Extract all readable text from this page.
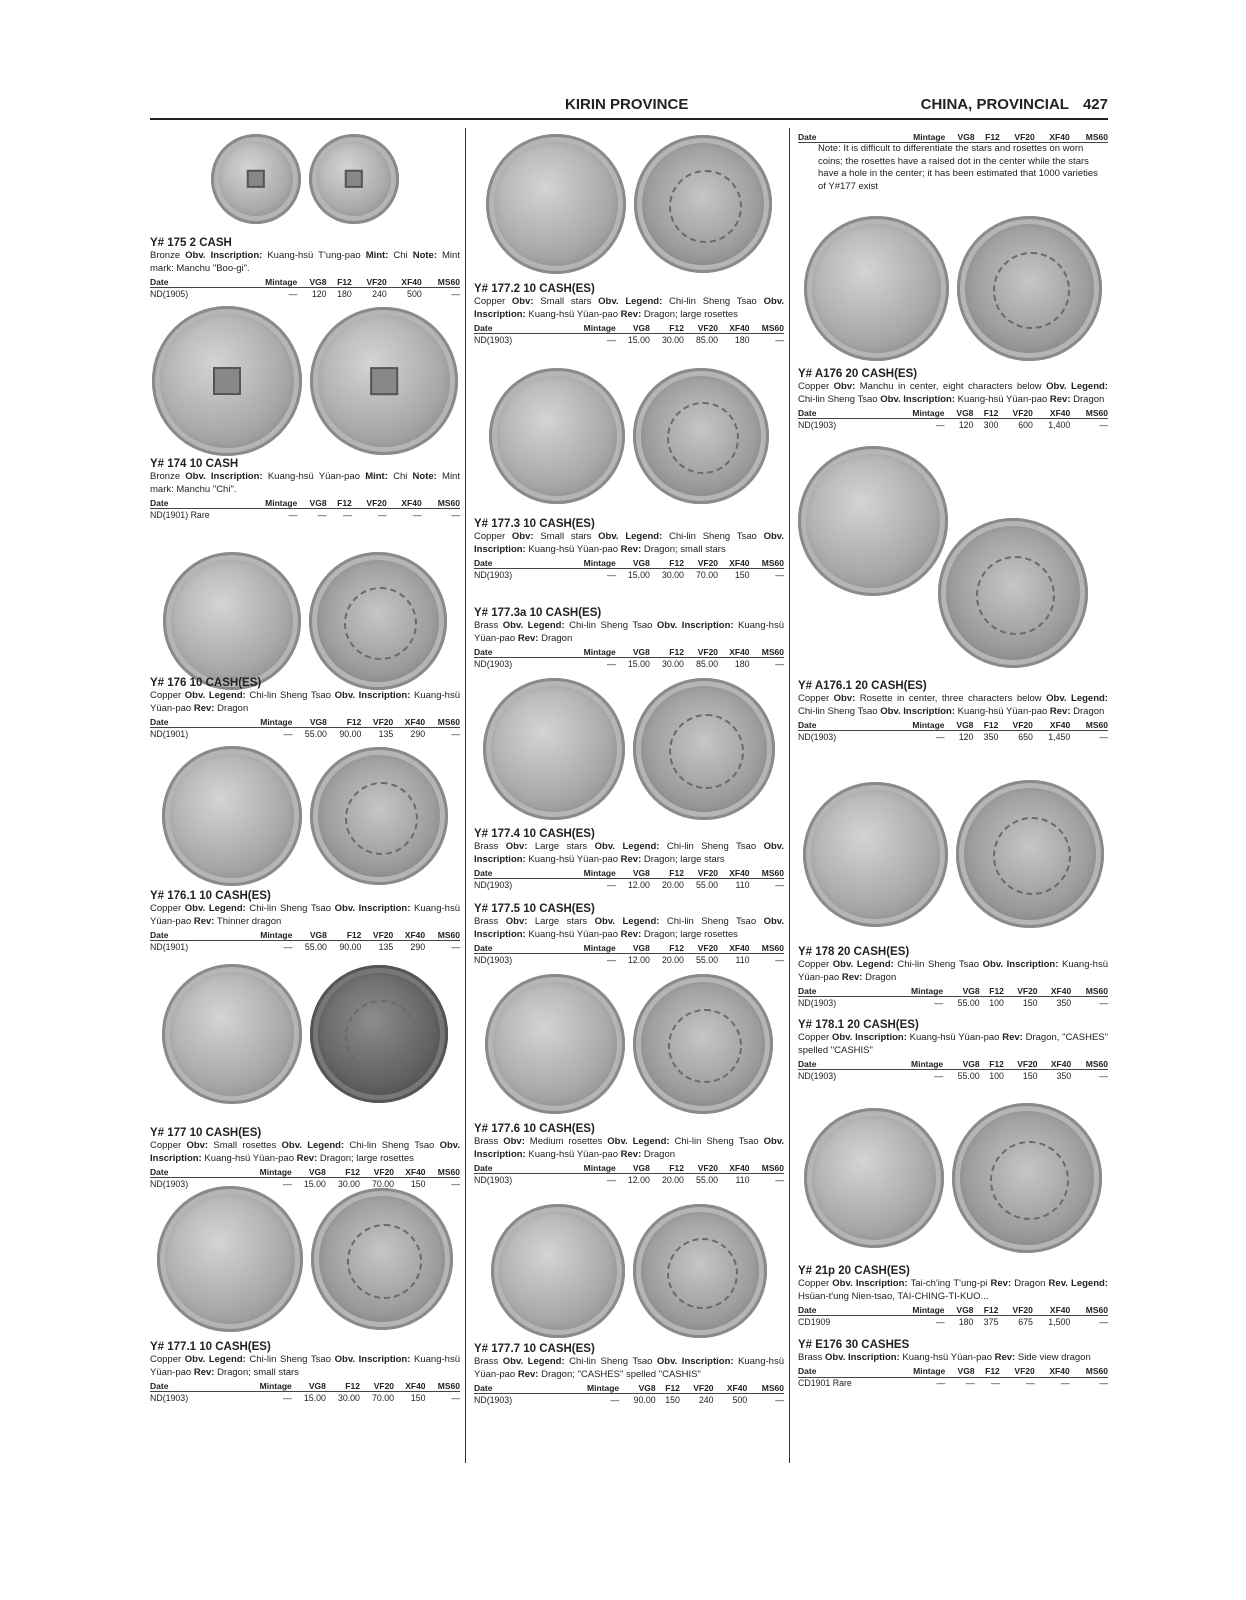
KIRIN PROVINCE	CHINA, PROVINCIAL 427
Y# 175 2 CASH
Bronze Obv. Inscription: Kuang-hsü T'ung-pao Mint: Chi Note: Mint mark: Manchu "Boo-gi".
Date	Mintage	VG8	F12	VF20	XF40	MS60
ND(1905)	—	120	180	240	500	—
Y# 174 10 CASH
Bronze Obv. Inscription: Kuang-hsü Yüan-pao Mint: Chi Note: Mint mark: Manchu "Chi".
Date	Mintage	VG8	F12	VF20	XF40	MS60
ND(1901) Rare	—	—	—	—	—	—
Y# 176 10 CASH(ES)
Copper Obv. Legend: Chi-lin Sheng Tsao Obv. Inscription: Kuang-hsü Yüan-pao Rev: Dragon
Date	Mintage	VG8	F12	VF20	XF40	MS60
ND(1901)	—	55.00	90.00	135	290	—
Y# 176.1 10 CASH(ES)
Copper Obv. Legend: Chi-lin Sheng Tsao Obv. Inscription: Kuang-hsü Yüan-pao Rev: Thinner dragon
Date	Mintage	VG8	F12	VF20	XF40	MS60
ND(1901)	—	55.00	90.00	135	290	—
Y# 177 10 CASH(ES)
Copper Obv: Small rosettes Obv. Legend: Chi-lin Sheng Tsao Obv. Inscription: Kuang-hsü Yüan-pao Rev: Dragon; large rosettes
Date	Mintage	VG8	F12	VF20	XF40	MS60
ND(1903)	—	15.00	30.00	70.00	150	—
Y# 177.1 10 CASH(ES)
Copper Obv. Legend: Chi-lin Sheng Tsao Obv. Inscription: Kuang-hsü Yüan-pao Rev: Dragon; small stars
Date	Mintage	VG8	F12	VF20	XF40	MS60
ND(1903)	—	15.00	30.00	70.00	150	—
Y# 177.2 10 CASH(ES)
Copper Obv: Small stars Obv. Legend: Chi-lin Sheng Tsao Obv. Inscription: Kuang-hsü Yüan-pao Rev: Dragon; large rosettes
Date	Mintage	VG8	F12	VF20	XF40	MS60
ND(1903)	—	15.00	30.00	85.00	180	—
Y# 177.3 10 CASH(ES)
Copper Obv: Small stars Obv. Legend: Chi-lin Sheng Tsao Obv. Inscription: Kuang-hsü Yüan-pao Rev: Dragon; small stars
Date	Mintage	VG8	F12	VF20	XF40	MS60
ND(1903)	—	15.00	30.00	70.00	150	—
Y# 177.3a 10 CASH(ES)
Brass Obv. Legend: Chi-lin Sheng Tsao Obv. Inscription: Kuang-hsü Yüan-pao Rev: Dragon
Date	Mintage	VG8	F12	VF20	XF40	MS60
ND(1903)	—	15.00	30.00	85.00	180	—
Y# 177.4 10 CASH(ES)
Brass Obv: Large stars Obv. Legend: Chi-lin Sheng Tsao Obv. Inscription: Kuang-hsü Yüan-pao Rev: Dragon; large stars
Date	Mintage	VG8	F12	VF20	XF40	MS60
ND(1903)	—	12.00	20.00	55.00	110	—
Y# 177.5 10 CASH(ES)
Brass Obv: Large stars Obv. Legend: Chi-lin Sheng Tsao Obv. Inscription: Kuang-hsü Yüan-pao Rev: Dragon; large rosettes
Date	Mintage	VG8	F12	VF20	XF40	MS60
ND(1903)	—	12.00	20.00	55.00	110	—
Y# 177.6 10 CASH(ES)
Brass Obv: Medium rosettes Obv. Legend: Chi-lin Sheng Tsao Obv. Inscription: Kuang-hsü Yüan-pao Rev: Dragon
Date	Mintage	VG8	F12	VF20	XF40	MS60
ND(1903)	—	12.00	20.00	55.00	110	—
Y# 177.7 10 CASH(ES)
Brass Obv. Legend: Chi-lin Sheng Tsao Obv. Inscription: Kuang-hsü Yüan-pao Rev: Dragon; "CASHES" spelled "CASHIS"
Date	Mintage	VG8	F12	VF20	XF40	MS60
ND(1903)	—	90.00	150	240	500	—
Y# A176 20 CASH(ES)
Copper Obv: Manchu in center, eight characters below Obv. Legend: Chi-lin Sheng Tsao Obv. Inscription: Kuang-hsü Yüan-pao Rev: Dragon
Date	Mintage	VG8	F12	VF20	XF40	MS60
ND(1903)	—	120	300	600	1,400	—
Y# A176.1 20 CASH(ES)
Copper Obv: Rosette in center, three characters below Obv. Legend: Chi-lin Sheng Tsao Obv. Inscription: Kuang-hsü Yüan-pao Rev: Dragon
Date	Mintage	VG8	F12	VF20	XF40	MS60
ND(1903)	—	120	350	650	1,450	—
Y# 178 20 CASH(ES)
Copper Obv. Legend: Chi-lin Sheng Tsao Obv. Inscription: Kuang-hsü Yüan-pao Rev: Dragon
Date	Mintage	VG8	F12	VF20	XF40	MS60
ND(1903)	—	55.00	100	150	350	—
Y# 178.1 20 CASH(ES)
Copper Obv. Inscription: Kuang-hsü Yüan-pao Rev: Dragon, "CASHES" spelled "CASHIS"
Date	Mintage	VG8	F12	VF20	XF40	MS60
ND(1903)	—	55.00	100	150	350	—
Y# 21p 20 CASH(ES)
Copper Obv. Inscription: Tai-ch'ing T'ung-pi Rev: Dragon Rev. Legend: Hsüan-t'ung Nien-tsao, TAI-CHING-TI-KUO...
Date	Mintage	VG8	F12	VF20	XF40	MS60
CD1909	—	180	375	675	1,500	—
Y# E176 30 CASHES
Brass Obv. Inscription: Kuang-hsü Yüan-pao Rev: Side view dragon
Date	Mintage	VG8	F12	VF20	XF40	MS60
CD1901 Rare	—	—	—	—	—	—
Date	Mintage	VG8	F12	VF20	XF40	MS60
Note: It is difficult to differentiate the stars and rosettes on worn coins; the rosettes have a raised dot in the center while the stars have a hole in the center; it has been estimated that 1000 varieties of Y#177 exist
